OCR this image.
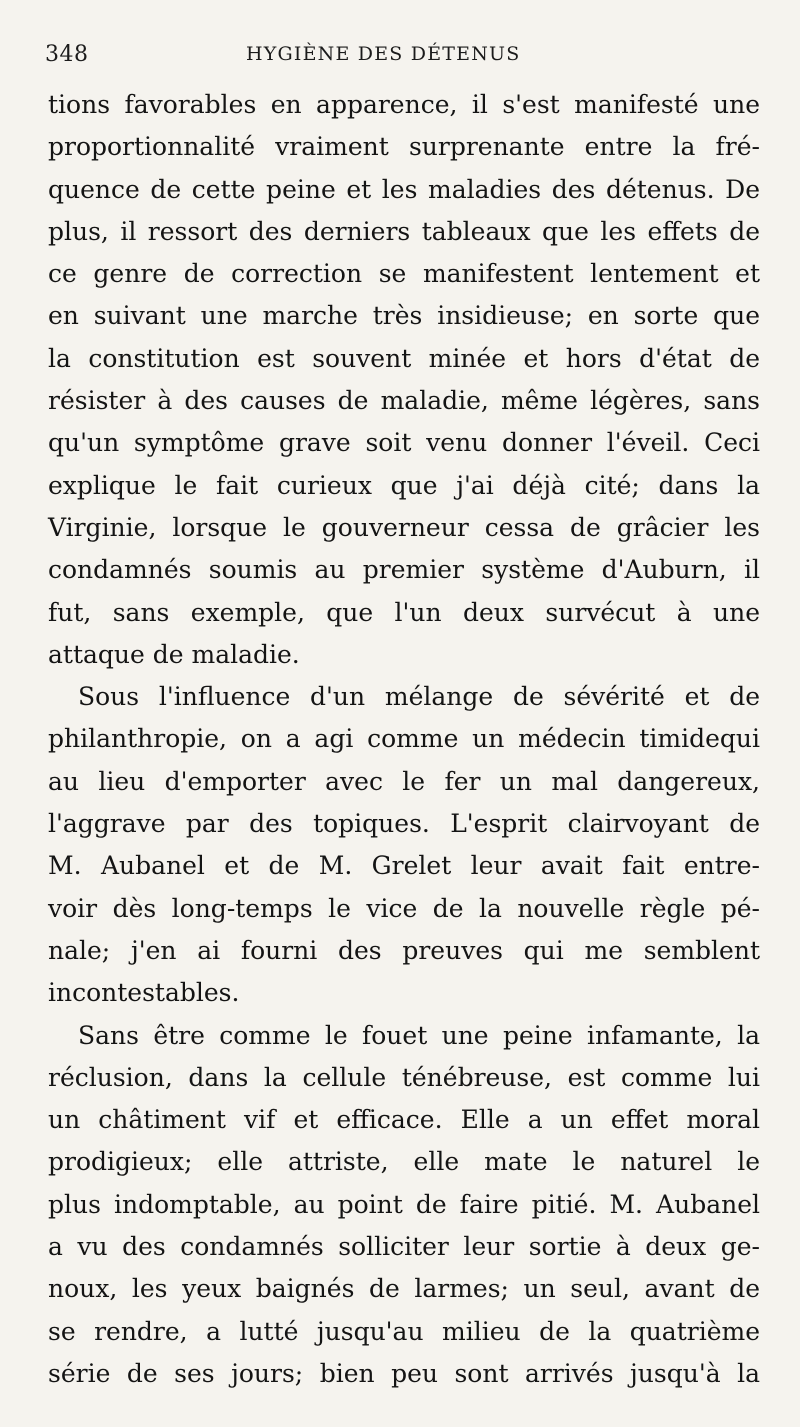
348	HYGIÈNE DES DÉTENUS
tions favorables en apparence, il s'est manifesté une
proportionnalité vraiment surprenante entre la fré-
quence de cette peine et les maladies des détenus. De
plus, il ressort des derniers tableaux que les effets de
ce genre de correction se manifestent lentement et
en suivant une marche très insidieuse; en sorte que
la constitution est souvent minée et hors d'état de
résister à des causes de maladie, même légères, sans
qu'un symptôme grave soit venu donner l'éveil. Ceci
explique le fait curieux que j'ai déjà cité; dans la
Virginie, lorsque le gouverneur cessa de grâcier les
condamnés soumis au premier système d'Auburn, il
fut, sans exemple, que l'un deux survécut à une
attaque de maladie.
Sous l'influence d'un mélange de sévérité et de
philanthropie, on a agi comme un médecin timidequi
au lieu d'emporter avec le fer un mal dangereux,
l'aggrave par des topiques. L'esprit clairvoyant de
M. Aubanel et de M. Grelet leur avait fait entre-
voir dès long-temps le vice de la nouvelle règle pé-
nale; j'en ai fourni des preuves qui me semblent
incontestables.
Sans être comme le fouet une peine infamante, la
réclusion, dans la cellule ténébreuse, est comme lui
un châtiment vif et efficace. Elle a un effet moral
prodigieux; elle attriste, elle mate le naturel le
plus indomptable, au point de faire pitié. M. Aubanel
a vu des condamnés solliciter leur sortie à deux ge-
noux, les yeux baignés de larmes; un seul, avant de
se rendre, a lutté jusqu'au milieu de la quatrième
série de ses jours; bien peu sont arrivés jusqu'à la
